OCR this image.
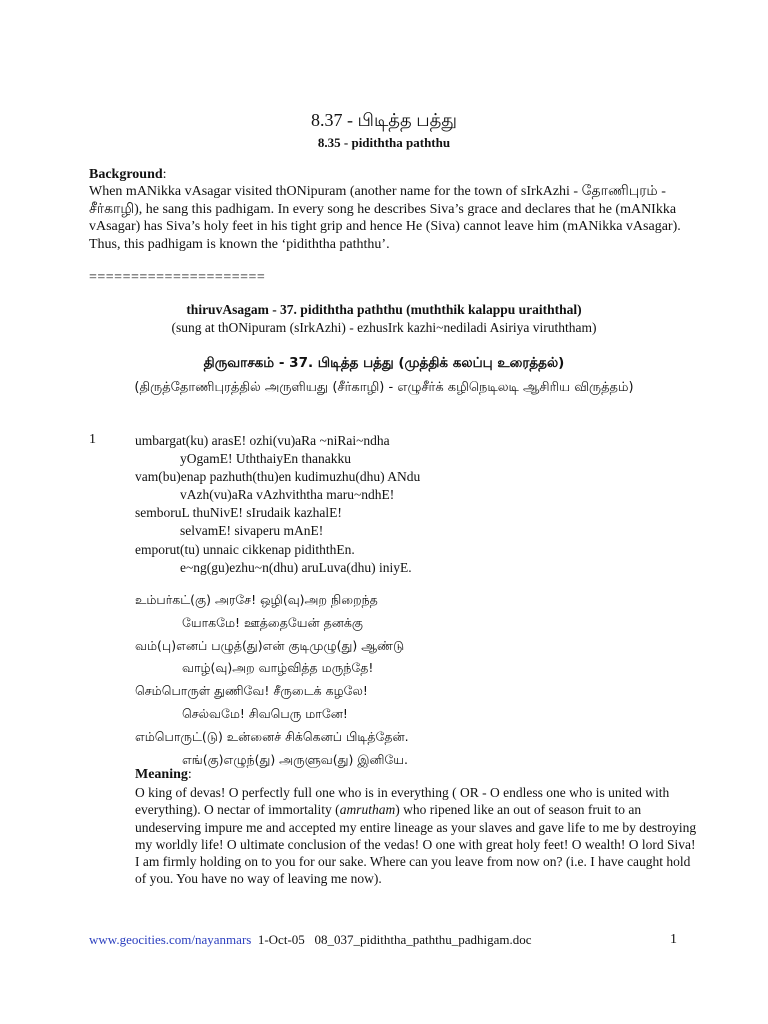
8.37 - பிடித்த பத்து
8.35 - pidiththa paththu
Background:
When mANikka vAsagar visited thONipuram (another name for the town of sIrkAzhi - தோணிபுரம் - சீர்காழி), he sang this padhigam. In every song he describes Siva’s grace and declares that he (mANIkka vAsagar) has Siva’s holy feet in his tight grip and hence He (Siva) cannot leave him (mANikka vAsagar). Thus, this padhigam is known the ‘pidiththa paththu’.
=====================
thiruvAsagam - 37. pidiththa paththu (muththik kalappu uraiththal)
(sung at thONipuram (sIrkAzhi) - ezhusIrk kazhi~nediladi Asiriya viruththam)
திருவாசகம் - 37. பிடித்த பத்து (முத்திக் கலப்பு உரைத்தல்)
(திருத்தோணிபுரத்தில் அருளியது (சீர்காழி) - எழுசீர்க் கழிநெடிலடி ஆசிரிய விருத்தம்)
1	umbargat(ku) arasE! ozhi(vu)aRa ~niRai~ndha
yOgamE! UththaiyEn thanakku
vam(bu)enap pazhuth(thu)en kudimuzhu(dhu) ANdu
vAzh(vu)aRa vAzhviththa maru~ndhE!
semboruL thuNivE! sIrudaik kazhalE!
selvamE! sivaperu mAnE!
emporut(tu) unnaic cikkenap pidiththEn.
e~ng(gu)ezhu~n(dhu) aruLuva(dhu) iniyE.
உம்பர்கட்(கு) அரசே! ஒழி(வு)அற நிறைந்த
யோகமே! ஊத்தையேன் தனக்கு
வம்(பு)எனப் பழுத்(து)என் குடிமுழு(து) ஆண்டு
வாழ்(வு)அற வாழ்வித்த மருந்தே!
செம்பொருள் துணிவே! சீருடைக் கழலே!
செல்வமே! சிவபெரு மானே!
எம்பொருட்(டு) உன்னைச் சிக்கெனப் பிடித்தேன்.
எங்(கு)எழுந்(து) அருளுவ(து) இனியே.
Meaning:
O king of devas! O perfectly full one who is in everything ( OR - O endless one who is united with everything). O nectar of immortality (amrutham) who ripened like an out of season fruit to an undeserving impure me and accepted my entire lineage as your slaves and gave life to me by destroying my worldly life! O ultimate conclusion of the vedas! O one with great holy feet! O wealth! O lord Siva! I am firmly holding on to you for our sake. Where can you leave from now on? (i.e. I have caught hold of you. You have no way of leaving me now).
www.geocities.com/nayanmars 1-Oct-05 08_037_pidiththa_paththu_padhigam.doc	1
